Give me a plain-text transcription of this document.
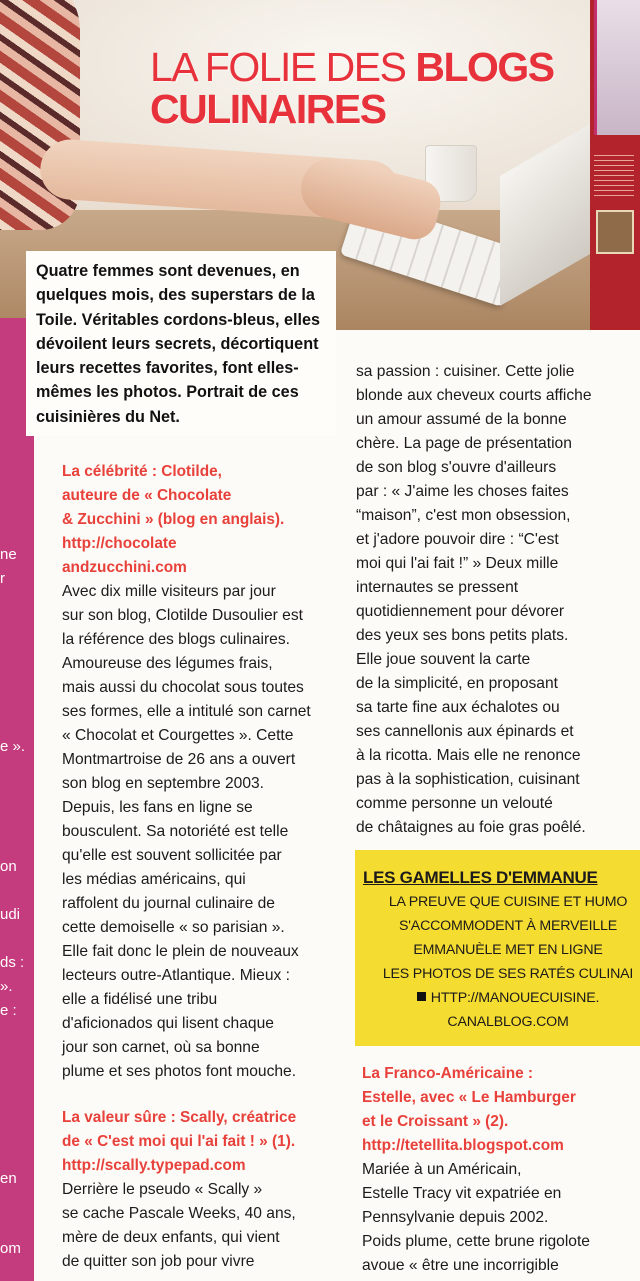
LA FOLIE DES BLOGS
CULINAIRES
ne
r
e ».
on
udi
ds :
».
e :
en
om

Quatre femmes sont devenues, en quelques mois, des superstars de la Toile. Véritables cordons-bleus, elles dévoilent leurs secrets, décortiquent leurs recettes favorites, font elles- mêmes les photos. Portrait de ces cuisinières du Net.

La célébrité : Clotilde,
auteure de « Chocolate
& Zucchini » (blog en anglais).
http://chocolate
andzucchini.com

Avec dix mille visiteurs par jour
sur son blog, Clotilde Dusoulier est
la référence des blogs culinaires.
Amoureuse des légumes frais,
mais aussi du chocolat sous toutes
ses formes, elle a intitulé son carnet
« Chocolat et Courgettes ». Cette
Montmartroise de 26 ans a ouvert
son blog en septembre 2003.
Depuis, les fans en ligne se
bousculent. Sa notoriété est telle
qu'elle est souvent sollicitée par
les médias américains, qui
raffolent du journal culinaire de
cette demoiselle « so parisian ».
Elle fait donc le plein de nouveaux
lecteurs outre-Atlantique. Mieux :
elle a fidélisé une tribu
d'aficionados qui lisent chaque
jour son carnet, où sa bonne
plume et ses photos font mouche.

La valeur sûre : Scally, créatrice
de « C'est moi qui l'ai fait ! » (1).
http://scally.typepad.com

Derrière le pseudo « Scally »
se cache Pascale Weeks, 40 ans,
mère de deux enfants, qui vient
de quitter son job pour vivre

sa passion : cuisiner. Cette jolie
blonde aux cheveux courts affiche
un amour assumé de la bonne
chère. La page de présentation
de son blog s'ouvre d'ailleurs
par : « J'aime les choses faites
“maison”, c'est mon obsession,
et j'adore pouvoir dire : “C'est
moi qui l'ai fait !” » Deux mille
internautes se pressent
quotidiennement pour dévorer
des yeux ses bons petits plats.
Elle joue souvent la carte
de la simplicité, en proposant
sa tarte fine aux échalotes ou
ses cannellonis aux épinards et
à la ricotta. Mais elle ne renonce
pas à la sophistication, cuisinant
comme personne un velouté
de châtaignes au foie gras poêlé.

LES GAMELLES D'EMMANUE
LA PREUVE QUE CUISINE ET HUMO
S'ACCOMMODENT À MERVEILLE
EMMANUÈLE MET EN LIGNE
LES PHOTOS DE SES RATÉS CULINAI
HTTP://MANOUECUISINE.
CANALBLOG.COM

La Franco-Américaine :
Estelle, avec « Le Hamburger
et le Croissant » (2).
http://tetellita.blogspot.com

Mariée à un Américain,
Estelle Tracy vit expatriée en
Pennsylvanie depuis 2002.
Poids plume, cette brune rigolote
avoue « être une incorrigible
